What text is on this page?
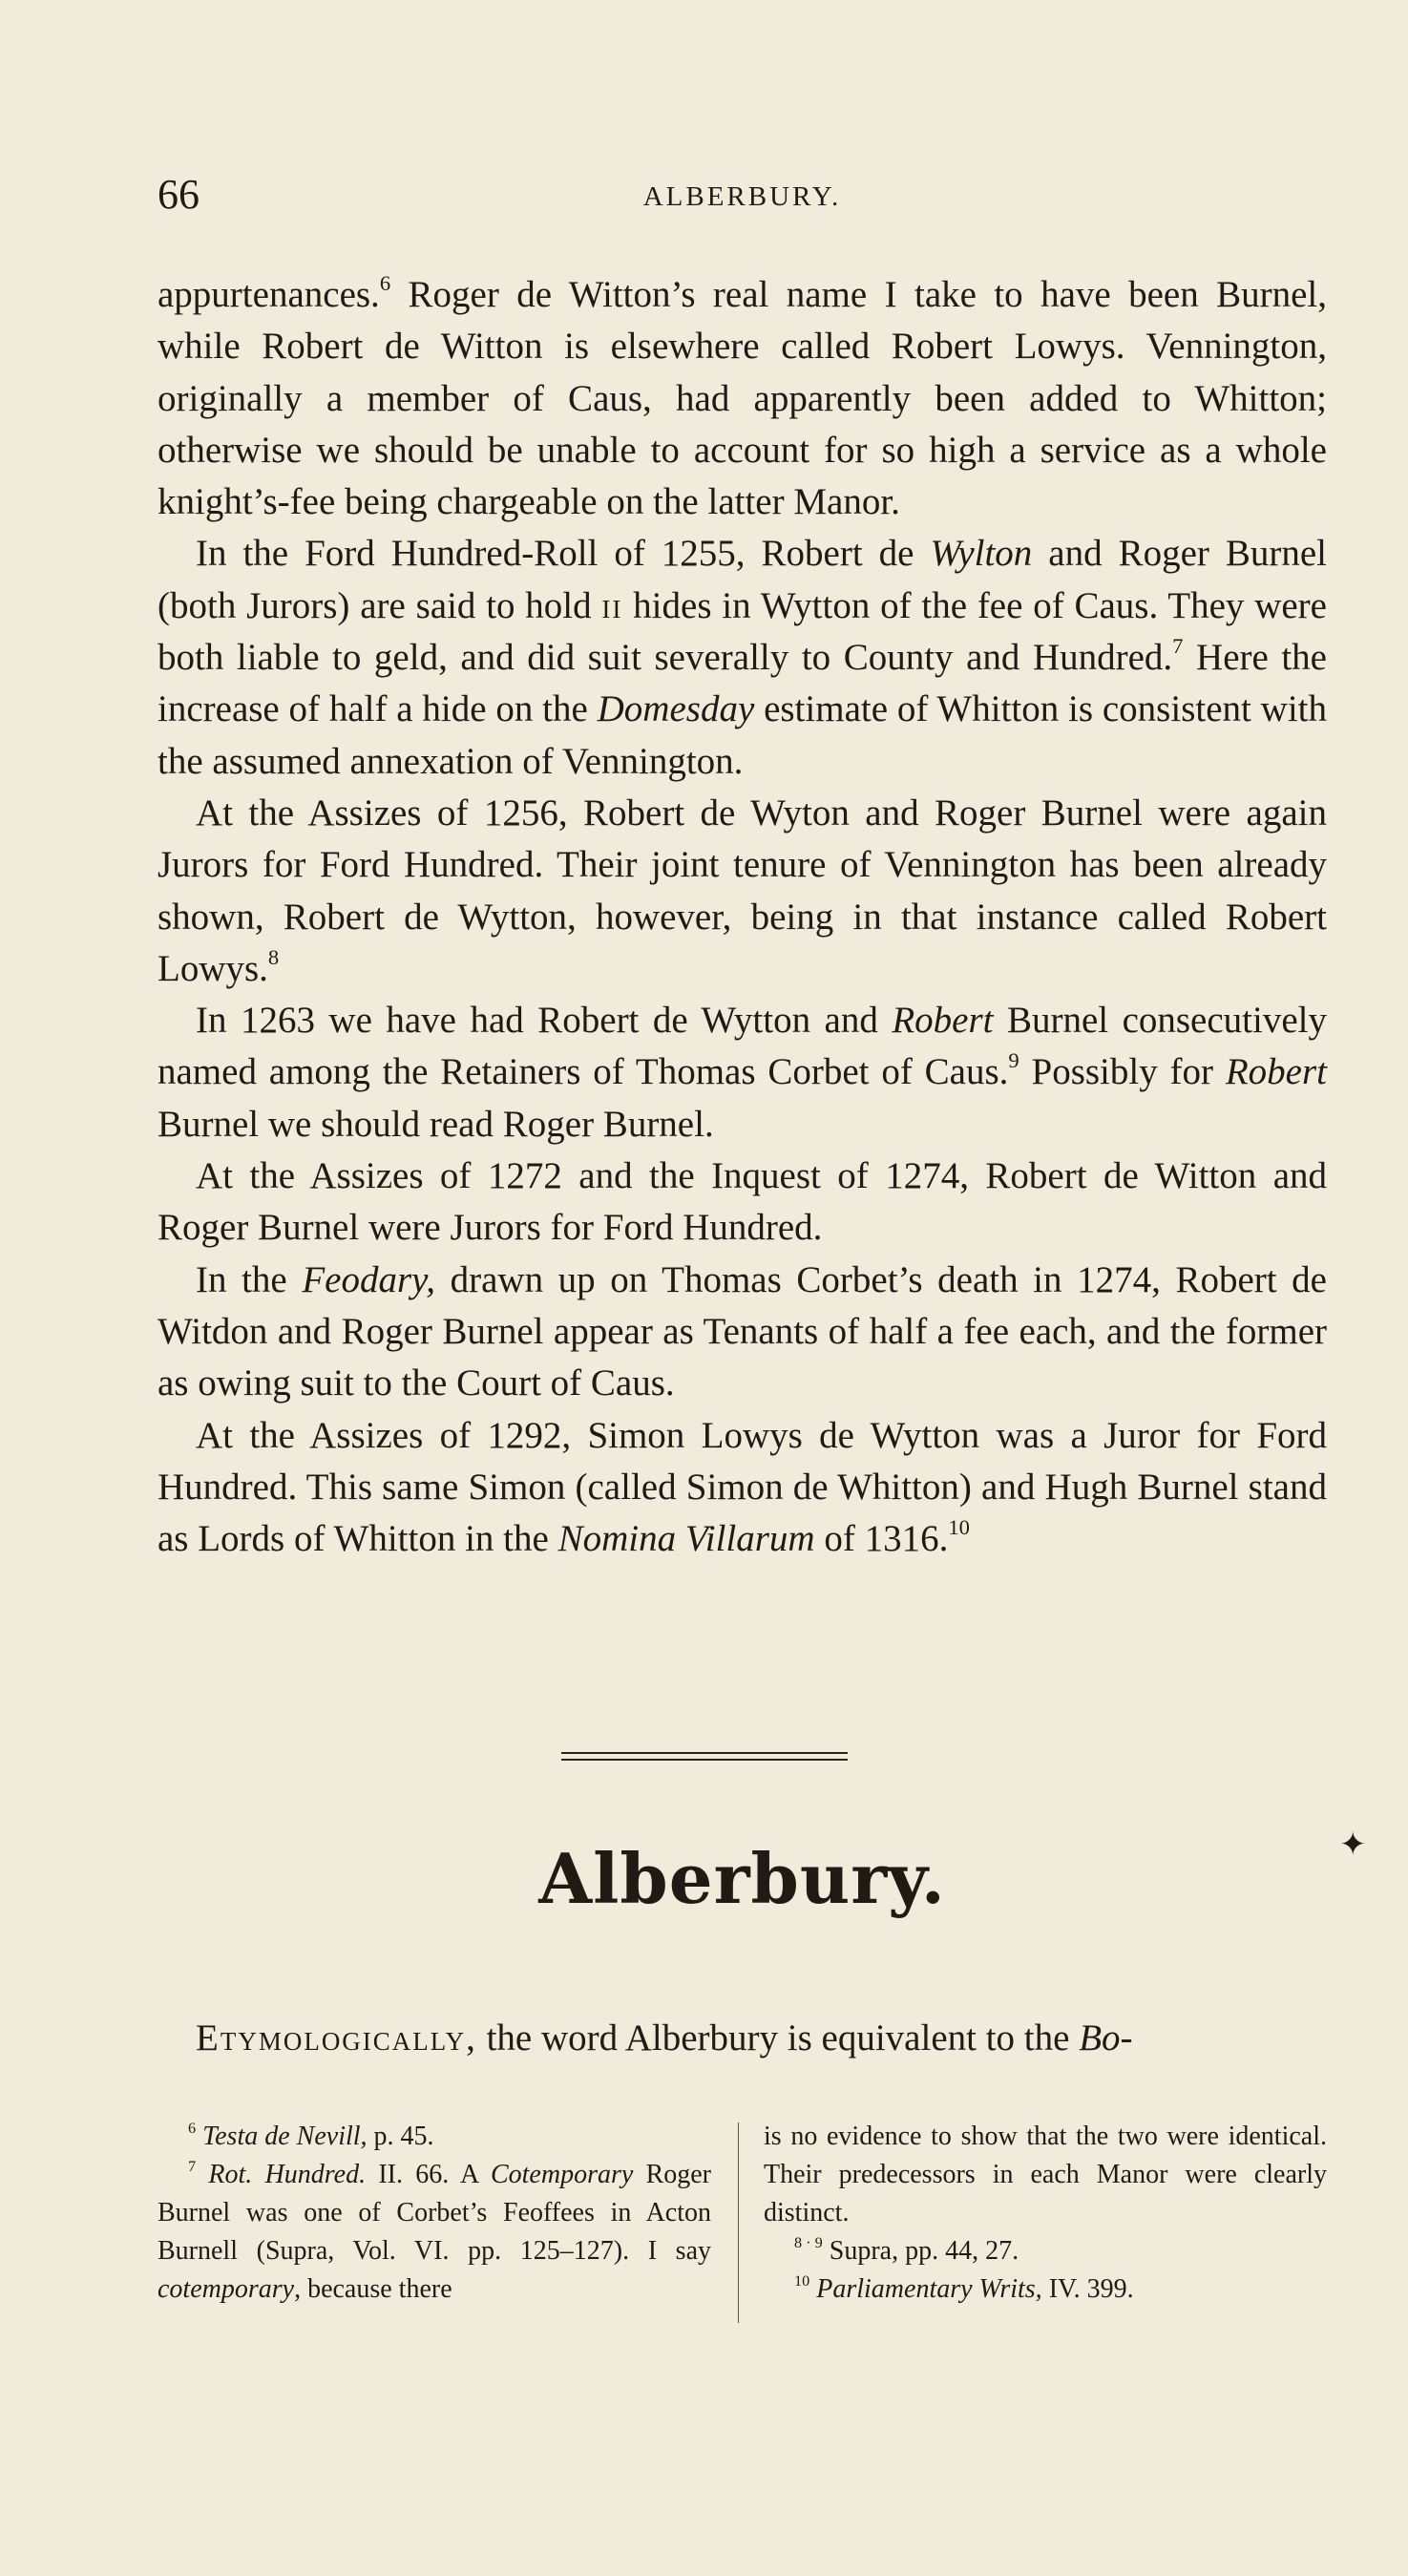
66	ALBERBURY.

appurtenances.$^6$ Roger de Witton’s real name I take to have been Burnel, while Robert de Witton is elsewhere called Robert Lowys. Vennington, originally a member of Caus, had apparently been added to Whitton; otherwise we should be unable to account for so high a service as a whole knight’s-fee being chargeable on the latter Manor.

In the Ford Hundred-Roll of 1255, Robert de Wylton and Roger Burnel (both Jurors) are said to hold ii hides in Wytton of the fee of Caus. They were both liable to geld, and did suit severally to County and Hundred.$^7$ Here the increase of half a hide on the Domesday estimate of Whitton is consistent with the assumed annexation of Vennington.

At the Assizes of 1256, Robert de Wyton and Roger Burnel were again Jurors for Ford Hundred. Their joint tenure of Vennington has been already shown, Robert de Wytton, however, being in that instance called Robert Lowys.$^8$

In 1263 we have had Robert de Wytton and Robert Burnel consecutively named among the Retainers of Thomas Corbet of Caus.$^9$ Possibly for Robert Burnel we should read Roger Burnel.

At the Assizes of 1272 and the Inquest of 1274, Robert de Witton and Roger Burnel were Jurors for Ford Hundred.

In the Feodary, drawn up on Thomas Corbet’s death in 1274, Robert de Witdon and Roger Burnel appear as Tenants of half a fee each, and the former as owing suit to the Court of Caus.

At the Assizes of 1292, Simon Lowys de Wytton was a Juror for Ford Hundred. This same Simon (called Simon de Whitton) and Hugh Burnel stand as Lords of Whitton in the Nomina Villarum of 1316.10

Alberbury.	✦
Etymologically, the word Alberbury is equivalent to the Bo-

$^6$ Testa de Nevill, p. 45.

$^7$ Rot. Hundred. II. 66. A Cotemporary Roger Burnel was one of Corbet’s Feoffees in Acton Burnell (Supra, Vol. VI. pp. 125–127). I say cotemporary, because there

is no evidence to show that the two were identical. Their predecessors in each Manor were clearly distinct.

$^{8 \cdot 9}$ Supra, pp. 44, 27.

$^{10}$ Parliamentary Writs, IV. 399.
